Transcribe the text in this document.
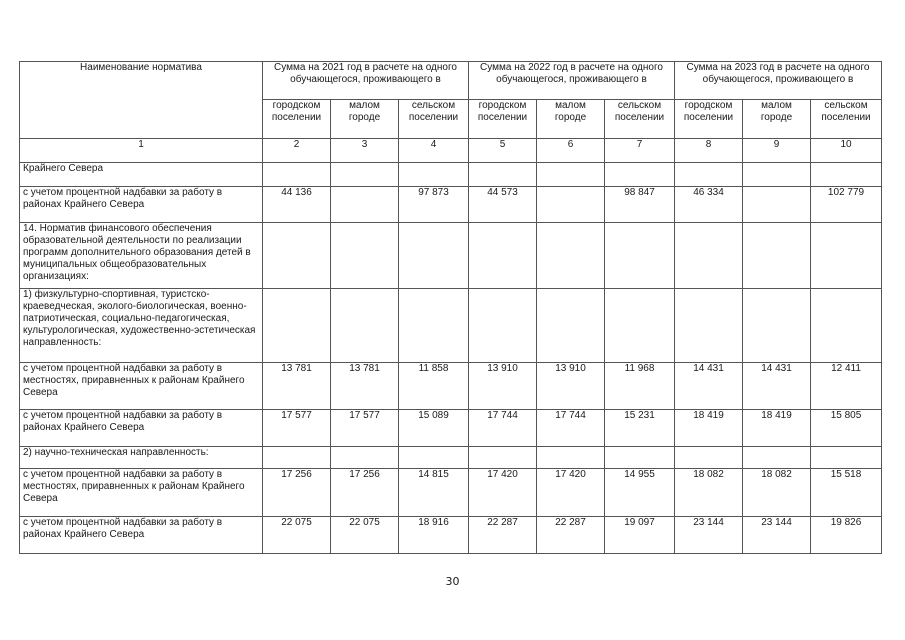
Наименование норматива	Сумма на 2021 год в расчете на одного обучающегося, проживающего в			Сумма на 2022 год в расчете на одного обучающегося, проживающего в			Сумма на 2023 год в расчете на одного обучающегося, проживающего в		
	городском поселении	малом городе	сельском поселении	городском поселении	малом городе	сельском поселении	городском поселении	малом городе	сельском поселении
1	2	3	4	5	6	7	8	9	10
Крайнего Севера									
с учетом процентной надбавки за работу в районах Крайнего Севера	44 136		97 873	44 573		98 847	46 334		102 779
14. Норматив финансового обеспечения образовательной деятельности по реализации программ дополнительного образования детей в муниципальных общеобразовательных организациях:									
1) физкультурно-спортивная, туристско-краеведческая, эколого-биологическая, военно-патриотическая, социально-педагогическая, культурологическая, художественно-эстетическая направленность:									
с учетом процентной надбавки за работу в местностях, приравненных к районам Крайнего Севера	13 781	13 781	11 858	13 910	13 910	11 968	14 431	14 431	12 411
с учетом процентной надбавки за работу в районах Крайнего Севера	17 577	17 577	15 089	17 744	17 744	15 231	18 419	18 419	15 805
2) научно-техническая направленность:									
с учетом процентной надбавки за работу в местностях, приравненных к районам Крайнего Севера	17 256	17 256	14 815	17 420	17 420	14 955	18 082	18 082	15 518
с учетом процентной надбавки за работу в районах Крайнего Севера	22 075	22 075	18 916	22 287	22 287	19 097	23 144	23 144	19 826
30
